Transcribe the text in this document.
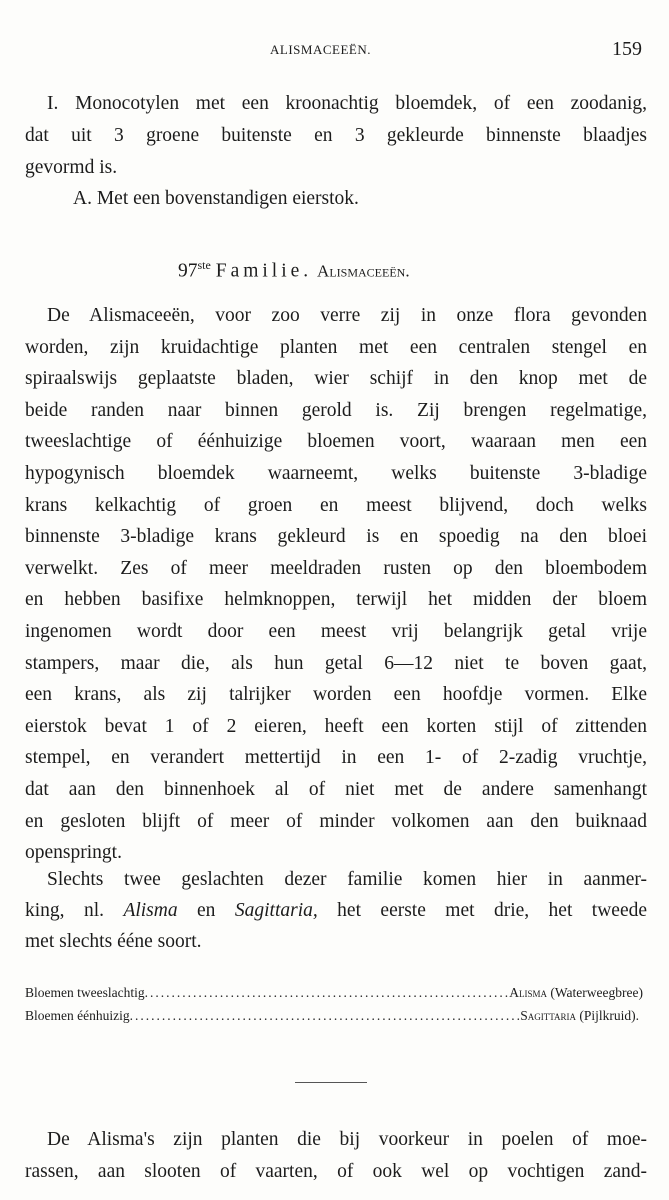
ALISMACEEËN.	159
I. Monocotylen met een kroonachtig bloemdek, of een zoodanig,
dat uit 3 groene buitenste en 3 gekleurde binnenste blaadjes
gevormd is.
A. Met een bovenstandigen eierstok.
97ste Familie. Alismaceeën.
De Alismaceeën, voor zoo verre zij in onze flora gevonden
worden, zijn kruidachtige planten met een centralen stengel en
spiraalswijs geplaatste bladen, wier schijf in den knop met de
beide randen naar binnen gerold is. Zij brengen regelmatige,
tweeslachtige of éénhuizige bloemen voort, waaraan men een
hypogynisch bloemdek waarneemt, welks buitenste 3-bladige
krans kelkachtig of groen en meest blijvend, doch welks
binnenste 3-bladige krans gekleurd is en spoedig na den bloei
verwelkt. Zes of meer meeldraden rusten op den bloembodem
en hebben basifixe helmknoppen, terwijl het midden der bloem
ingenomen wordt door een meest vrij belangrijk getal vrije
stampers, maar die, als hun getal 6—12 niet te boven gaat,
een krans, als zij talrijker worden een hoofdje vormen. Elke
eierstok bevat 1 of 2 eieren, heeft een korten stijl of zittenden
stempel, en verandert mettertijd in een 1- of 2-zadig vruchtje,
dat aan den binnenhoek al of niet met de andere samenhangt
en gesloten blijft of meer of minder volkomen aan den buiknaad
openspringt.
Slechts twee geslachten dezer familie komen hier in aanmer-
king, nl. Alisma en Sagittaria, het eerste met drie, het tweede
met slechts ééne soort.
Bloemen tweeslachtig .....	Alisma
(Waterweegbree)
Bloemen éénhuizig .....	Sagittaria
(Pijlkruid).
De Alisma's zijn planten die bij voorkeur in poelen of moe-
rassen, aan slooten of vaarten, of ook wel op vochtigen zand-
